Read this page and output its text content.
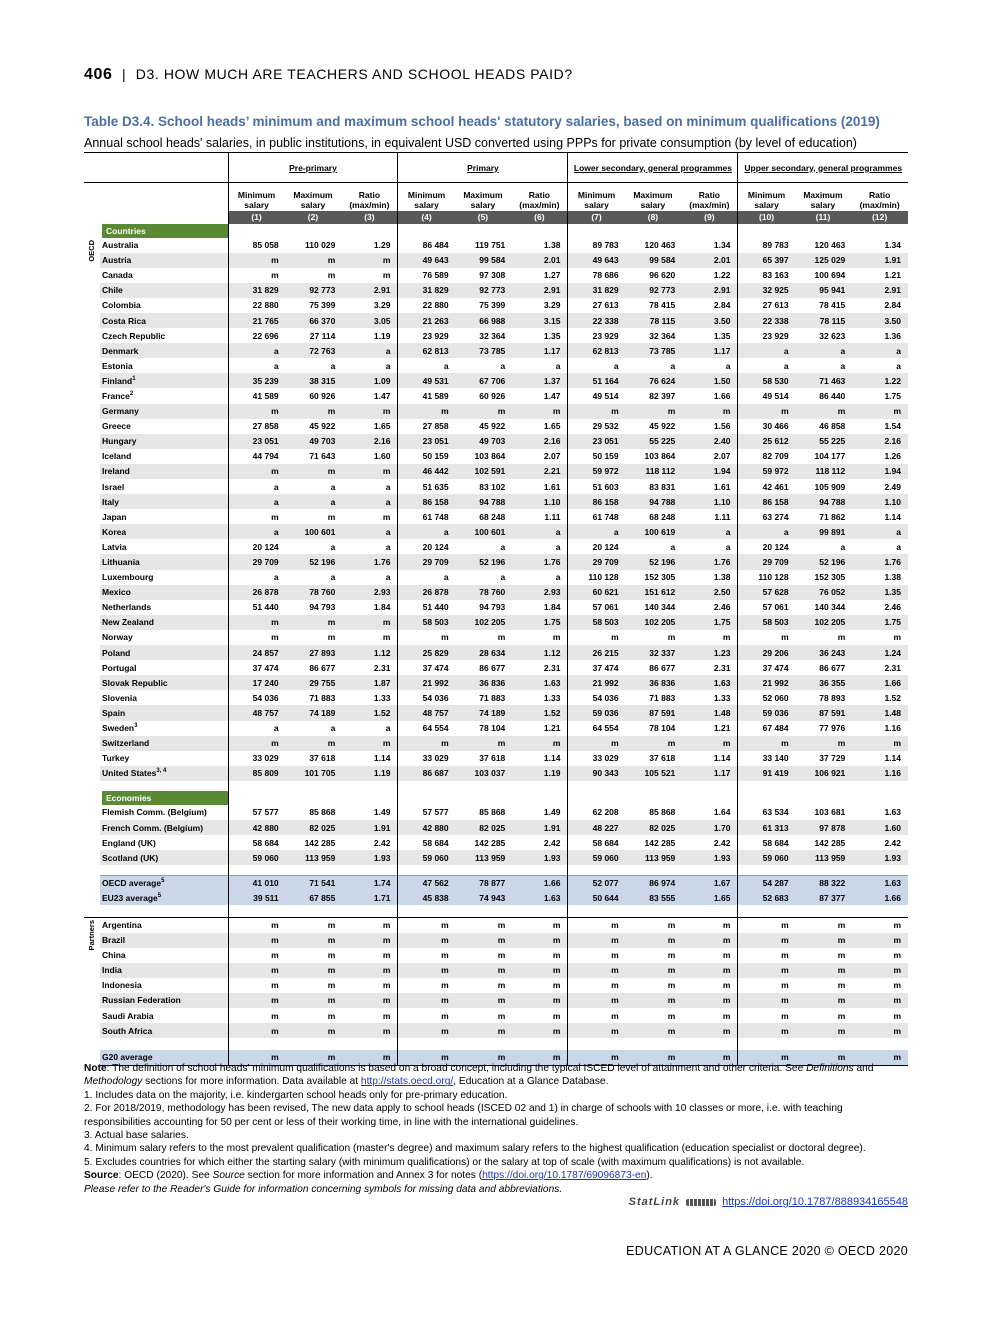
406 | D3. HOW MUCH ARE TEACHERS AND SCHOOL HEADS PAID?
Table D3.4. School heads’ minimum and maximum school heads' statutory salaries, based on minimum qualifications (2019)
Annual school heads' salaries, in public institutions, in equivalent USD converted using PPPs for private consumption (by level of education)
		Pre-primary			Primary			Lower secondary, general programmes			Upper secondary, general programmes		
		Minimum salary	Maximum salary	Ratio (max/min)	Minimum salary	Maximum salary	Ratio (max/min)	Minimum salary	Maximum salary	Ratio (max/min)	Minimum salary	Maximum salary	Ratio (max/min)
		(1)	(2)	(3)	(4)	(5)	(6)	(7)	(8)	(9)	(10)	(11)	(12)
	Countries												

OECD	Australia	85 058	110 029	1.29	86 484	119 751	1.38	89 783	120 463	1.34	89 783	120 463	1.34
	Austria	m	m	m	49 643	99 584	2.01	49 643	99 584	2.01	65 397	125 029	1.91
	Canada	m	m	m	76 589	97 308	1.27	78 686	96 620	1.22	83 163	100 694	1.21
	Chile	31 829	92 773	2.91	31 829	92 773	2.91	31 829	92 773	2.91	32 925	95 941	2.91
	Colombia	22 880	75 399	3.29	22 880	75 399	3.29	27 613	78 415	2.84	27 613	78 415	2.84
	Costa Rica	21 765	66 370	3.05	21 263	66 988	3.15	22 338	78 115	3.50	22 338	78 115	3.50
	Czech Republic	22 696	27 114	1.19	23 929	32 364	1.35	23 929	32 364	1.35	23 929	32 623	1.36
	Denmark	a	72 763	a	62 813	73 785	1.17	62 813	73 785	1.17	a	a	a
	Estonia	a	a	a	a	a	a	a	a	a	a	a	a
	Finland$^1$	35 239	38 315	1.09	49 531	67 706	1.37	51 164	76 624	1.50	58 530	71 463	1.22
	France$^2$	41 589	60 926	1.47	41 589	60 926	1.47	49 514	82 397	1.66	49 514	86 440	1.75
	Germany	m	m	m	m	m	m	m	m	m	m	m	m
	Greece	27 858	45 922	1.65	27 858	45 922	1.65	29 532	45 922	1.56	30 466	46 858	1.54
	Hungary	23 051	49 703	2.16	23 051	49 703	2.16	23 051	55 225	2.40	25 612	55 225	2.16
	Iceland	44 794	71 643	1.60	50 159	103 864	2.07	50 159	103 864	2.07	82 709	104 177	1.26
	Ireland	m	m	m	46 442	102 591	2.21	59 972	118 112	1.94	59 972	118 112	1.94
	Israel	a	a	a	51 635	83 102	1.61	51 603	83 831	1.61	42 461	105 909	2.49
	Italy	a	a	a	86 158	94 788	1.10	86 158	94 788	1.10	86 158	94 788	1.10
	Japan	m	m	m	61 748	68 248	1.11	61 748	68 248	1.11	63 274	71 862	1.14
	Korea	a	100 601	a	a	100 601	a	a	100 619	a	a	99 891	a
	Latvia	20 124	a	a	20 124	a	a	20 124	a	a	20 124	a	a
	Lithuania	29 709	52 196	1.76	29 709	52 196	1.76	29 709	52 196	1.76	29 709	52 196	1.76
	Luxembourg	a	a	a	a	a	a	110 128	152 305	1.38	110 128	152 305	1.38
	Mexico	26 878	78 760	2.93	26 878	78 760	2.93	60 621	151 612	2.50	57 628	76 052	1.35
	Netherlands	51 440	94 793	1.84	51 440	94 793	1.84	57 061	140 344	2.46	57 061	140 344	2.46
	New Zealand	m	m	m	58 503	102 205	1.75	58 503	102 205	1.75	58 503	102 205	1.75
	Norway	m	m	m	m	m	m	m	m	m	m	m	m
	Poland	24 857	27 893	1.12	25 829	28 634	1.12	26 215	32 337	1.23	29 206	36 243	1.24
	Portugal	37 474	86 677	2.31	37 474	86 677	2.31	37 474	86 677	2.31	37 474	86 677	2.31
	Slovak Republic	17 240	29 755	1.87	21 992	36 836	1.63	21 992	36 836	1.63	21 992	36 355	1.66
	Slovenia	54 036	71 883	1.33	54 036	71 883	1.33	54 036	71 883	1.33	52 060	78 893	1.52
	Spain	48 757	74 189	1.52	48 757	74 189	1.52	59 036	87 591	1.48	59 036	87 591	1.48
	Sweden$^3$	a	a	a	64 554	78 104	1.21	64 554	78 104	1.21	67 484	77 976	1.16
	Switzerland	m	m	m	m	m	m	m	m	m	m	m	m
	Turkey	33 029	37 618	1.14	33 029	37 618	1.14	33 029	37 618	1.14	33 140	37 729	1.14
	United States$^{3, 4}$	85 809	101 705	1.19	86 687	103 037	1.19	90 343	105 521	1.17	91 419	106 921	1.16

	Economies												
	Flemish Comm. (Belgium)	57 577	85 868	1.49	57 577	85 868	1.49	62 208	85 868	1.64	63 534	103 681	1.63
	French Comm. (Belgium)	42 880	82 025	1.91	42 880	82 025	1.91	48 227	82 025	1.70	61 313	97 878	1.60
	England (UK)	58 684	142 285	2.42	58 684	142 285	2.42	58 684	142 285	2.42	58 684	142 285	2.42
	Scotland (UK)	59 060	113 959	1.93	59 060	113 959	1.93	59 060	113 959	1.93	59 060	113 959	1.93

	OECD average$^5$	41 010	71 541	1.74	47 562	78 877	1.66	52 077	86 974	1.67	54 287	88 322	1.63
	EU23 average$^5$	39 511	67 855	1.71	45 838	74 943	1.63	50 644	83 555	1.65	52 683	87 377	1.66

Partners	Argentina	m	m	m	m	m	m	m	m	m	m	m	m
	Brazil	m	m	m	m	m	m	m	m	m	m	m	m
	China	m	m	m	m	m	m	m	m	m	m	m	m
	India	m	m	m	m	m	m	m	m	m	m	m	m
	Indonesia	m	m	m	m	m	m	m	m	m	m	m	m
	Russian Federation	m	m	m	m	m	m	m	m	m	m	m	m
	Saudi Arabia	m	m	m	m	m	m	m	m	m	m	m	m
	South Africa	m	m	m	m	m	m	m	m	m	m	m	m

	G20 average	m	m	m	m	m	m	m	m	m	m	m	m

Note: The definition of school heads' minimum qualifications is based on a broad concept, including the typical ISCED level of attainment and other criteria. See Definitions and Methodology sections for more information. Data available at http://stats.oecd.org/, Education at a Glance Database.

1. Includes data on the majority, i.e. kindergarten school heads only for pre-primary education.

2. For 2018/2019, methodology has been revised, The new data apply to school heads (ISCED 02 and 1) in charge of schools with 10 classes or more, i.e. with teaching responsibilities accounting for 50 per cent or less of their working time, in line with the international guidelines.

3. Actual base salaries.

4. Minimum salary refers to the most prevalent qualification (master's degree) and maximum salary refers to the highest qualification (education specialist or doctoral degree).

5. Excludes countries for which either the starting salary (with minimum qualifications) or the salary at top of scale (with maximum qualifications) is not available.

Source: OECD (2020). See Source section for more information and Annex 3 for notes (https://doi.org/10.1787/69096873-en).

Please refer to the Reader's Guide for information concerning symbols for missing data and abbreviations.

StatLink	https://doi.org/10.1787/888934165548
EDUCATION AT A GLANCE 2020 © OECD 2020
